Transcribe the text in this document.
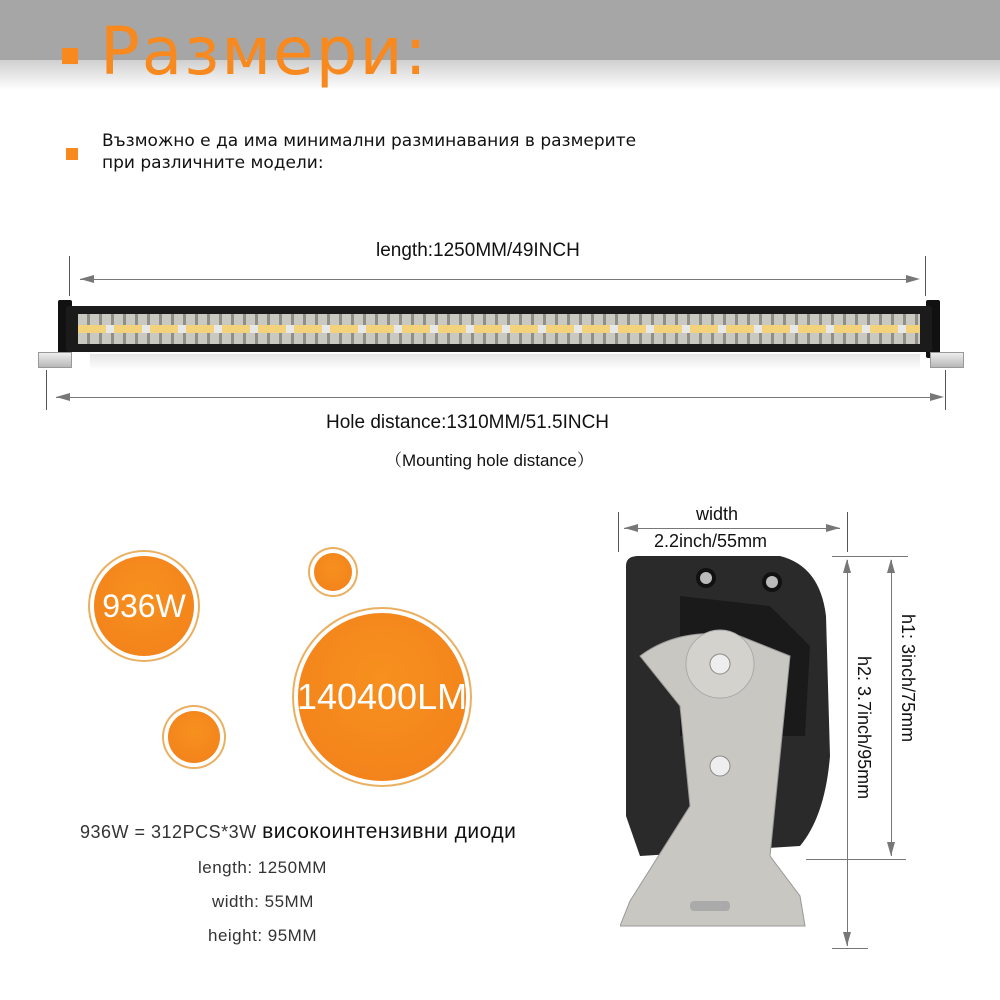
Размери:
Възможно е да има минимални разминавания в размерите
при различните модели:
length:1250MM/49INCH
Hole distance:1310MM/51.5INCH
（Mounting hole distance）
936W
140400LM
936W = 312PCS*3W високоинтензивни диоди
length: 1250MM
width: 55MM
height: 95MM
width
2.2inch/55mm
h1: 3inch/75mm
h2: 3.7inch/95mm
